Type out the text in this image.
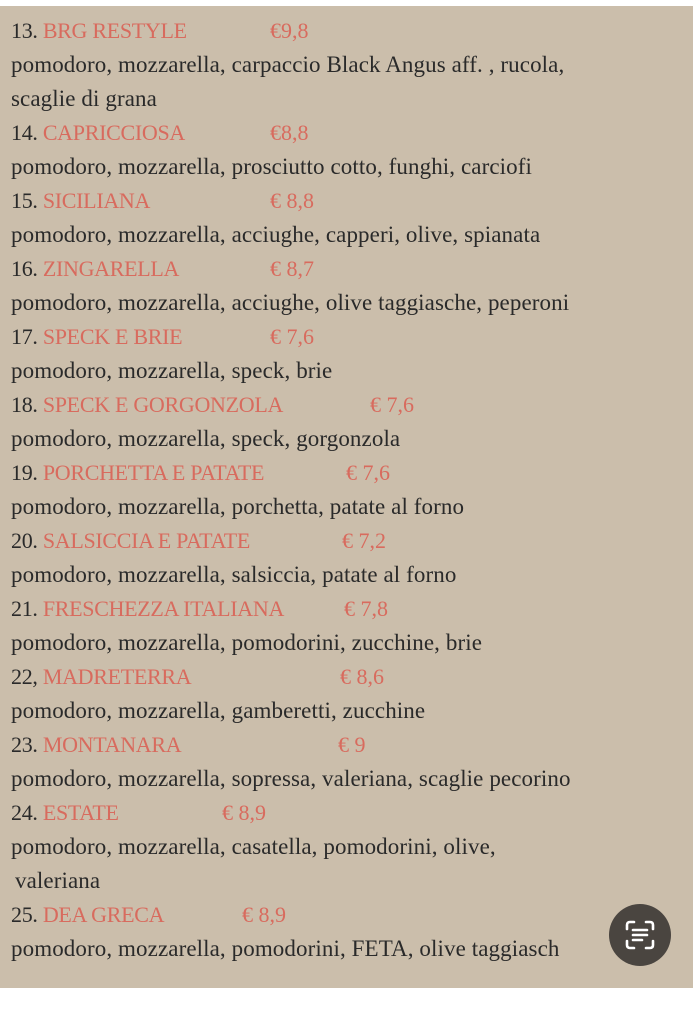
13. BRG RESTYLE	€9,8
pomodoro, mozzarella, carpaccio Black Angus aff. , rucola,
scaglie di grana
14. CAPRICCIOSA	€8,8
pomodoro, mozzarella, prosciutto cotto, funghi, carciofi
15. SICILIANA	€ 8,8
pomodoro, mozzarella, acciughe, capperi, olive, spianata
16. ZINGARELLA	€ 8,7
pomodoro, mozzarella, acciughe, olive taggiasche, peperoni
17. SPECK E BRIE	€ 7,6
pomodoro, mozzarella, speck, brie
18. SPECK E GORGONZOLA	€ 7,6
pomodoro, mozzarella, speck, gorgonzola
19. PORCHETTA E PATATE	€ 7,6
pomodoro, mozzarella, porchetta, patate al forno
20. SALSICCIA E PATATE	€ 7,2
pomodoro, mozzarella, salsiccia, patate al forno
21. FRESCHEZZA ITALIANA	€ 7,8
pomodoro, mozzarella, pomodorini, zucchine, brie
22, MADRETERRA	€ 8,6
pomodoro, mozzarella, gamberetti, zucchine
23. MONTANARA	€ 9
pomodoro, mozzarella, sopressa, valeriana, scaglie pecorino
24. ESTATE	€ 8,9
pomodoro, mozzarella, casatella, pomodorini, olive,
valeriana
25. DEA GRECA	€ 8,9
pomodoro, mozzarella, pomodorini, FETA, olive taggiasch
